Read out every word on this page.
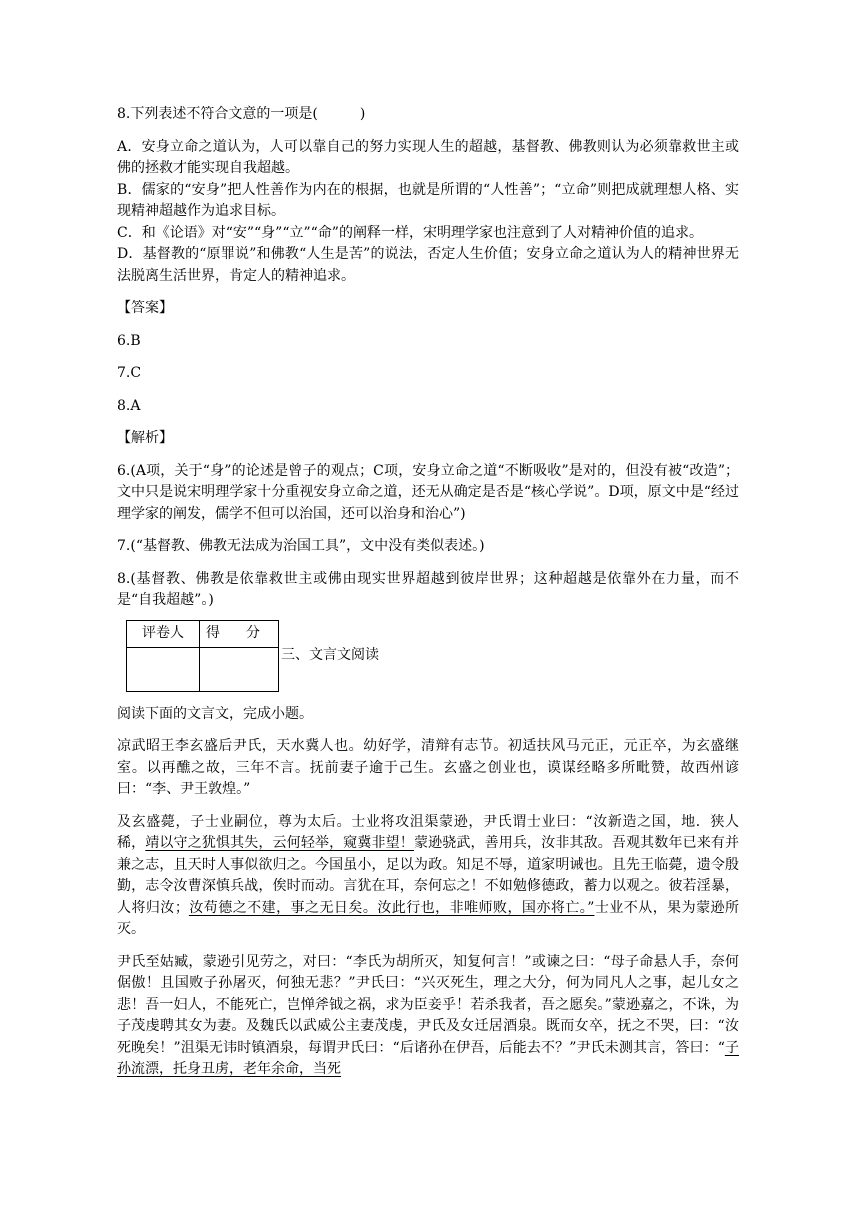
8.下列表述不符合文意的一项是(　　　)

A．安身立命之道认为，人可以靠自己的努力实现人生的超越，基督教、佛教则认为必须靠救世主或佛的拯救才能实现自我超越。

B．儒家的“安身”把人性善作为内在的根据，也就是所谓的“人性善”；“立命”则把成就理想人格、实现精神超越作为追求目标。

C．和《论语》对“安”“身”“立”“命”的阐释一样，宋明理学家也注意到了人对精神价值的追求。

D．基督教的“原罪说”和佛教“人生是苦”的说法，否定人生价值；安身立命之道认为人的精神世界无法脱离生活世界，肯定人的精神追求。

【答案】

6.B

7.C

8.A

【解析】

6.(A项，关于“身”的论述是曾子的观点；C项，安身立命之道“不断吸收”是对的，但没有被“改造”；文中只是说宋明理学家十分重视安身立命之道，还无从确定是否是“核心学说”。D项，原文中是“经过理学家的阐发，儒学不但可以治国，还可以治身和治心”)

7.(“基督教、佛教无法成为治国工具”，文中没有类似表述。)

8.(基督教、佛教是依靠救世主或佛由现实世界超越到彼岸世界；这种超越是依靠外在力量，而不是“自我超越”。)

评卷人	得 分

三、文言文阅读

阅读下面的文言文，完成小题。

凉武昭王李玄盛后尹氏，天水冀人也。幼好学，清辩有志节。初适扶风马元正，元正卒，为玄盛继室。以再醮之故，三年不言。抚前妻子逾于己生。玄盛之创业也，谟谋经略多所毗赞，故西州谚曰：“李、尹王敦煌。”

及玄盛薨，子士业嗣位，尊为太后。士业将攻沮渠蒙逊，尹氏谓士业曰：“汝新造之国，地．狭人稀，靖以守之犹惧其失，云何轻举，窥冀非望！蒙逊骁武，善用兵，汝非其敌。吾观其数年已来有并兼之志，且天时人事似欲归之。今国虽小，足以为政。知足不辱，道家明诫也。且先王临薨，遗令殷勤，志令汝曹深慎兵战，俟时而动。言犹在耳，奈何忘之！不如勉修德政，蓄力以观之。彼若淫暴，人将归汝；汝苟德之不建，事之无日矣。汝此行也，非唯师败，国亦将亡。”士业不从，果为蒙逊所灭。

尹氏至姑臧，蒙逊引见劳之，对曰：“李氏为胡所灭，知复何言！”或谏之曰：“母子命悬人手，奈何倨傲！且国败子孙屠灭，何独无悲？”尹氏曰：“兴灭死生，理之大分，何为同凡人之事，起儿女之悲！吾一妇人，不能死亡，岂惮斧钺之祸，求为臣妾乎！若杀我者，吾之愿矣。”蒙逊嘉之，不诛，为子茂虔聘其女为妻。及魏氏以武威公主妻茂虔，尹氏及女迁居酒泉。既而女卒，抚之不哭，曰：“汝死晚矣！”沮渠无讳时镇酒泉，每谓尹氏曰：“后诸孙在伊吾，后能去不？”尹氏未测其言，答曰：“子孙流漂，托身丑虏，老年余命，当死
